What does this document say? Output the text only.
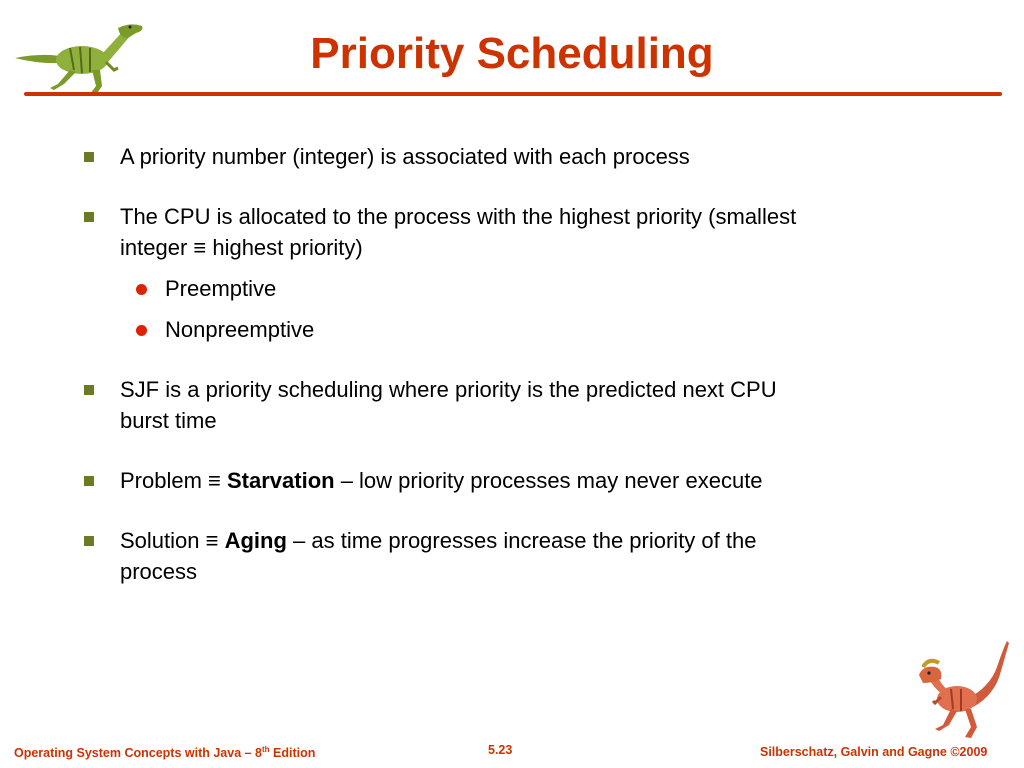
Priority Scheduling
A priority number (integer) is associated with each process
The CPU is allocated to the process with the highest priority (smallest
integer ≡ highest priority)
Preemptive
Nonpreemptive
SJF is a priority scheduling where priority is the predicted next CPU
burst time
Problem ≡ Starvation – low priority processes may never execute
Solution ≡ Aging – as time progresses increase the priority of the
process
Operating System Concepts with Java – 8th Edition	5.23	Silberschatz, Galvin and Gagne ©2009
